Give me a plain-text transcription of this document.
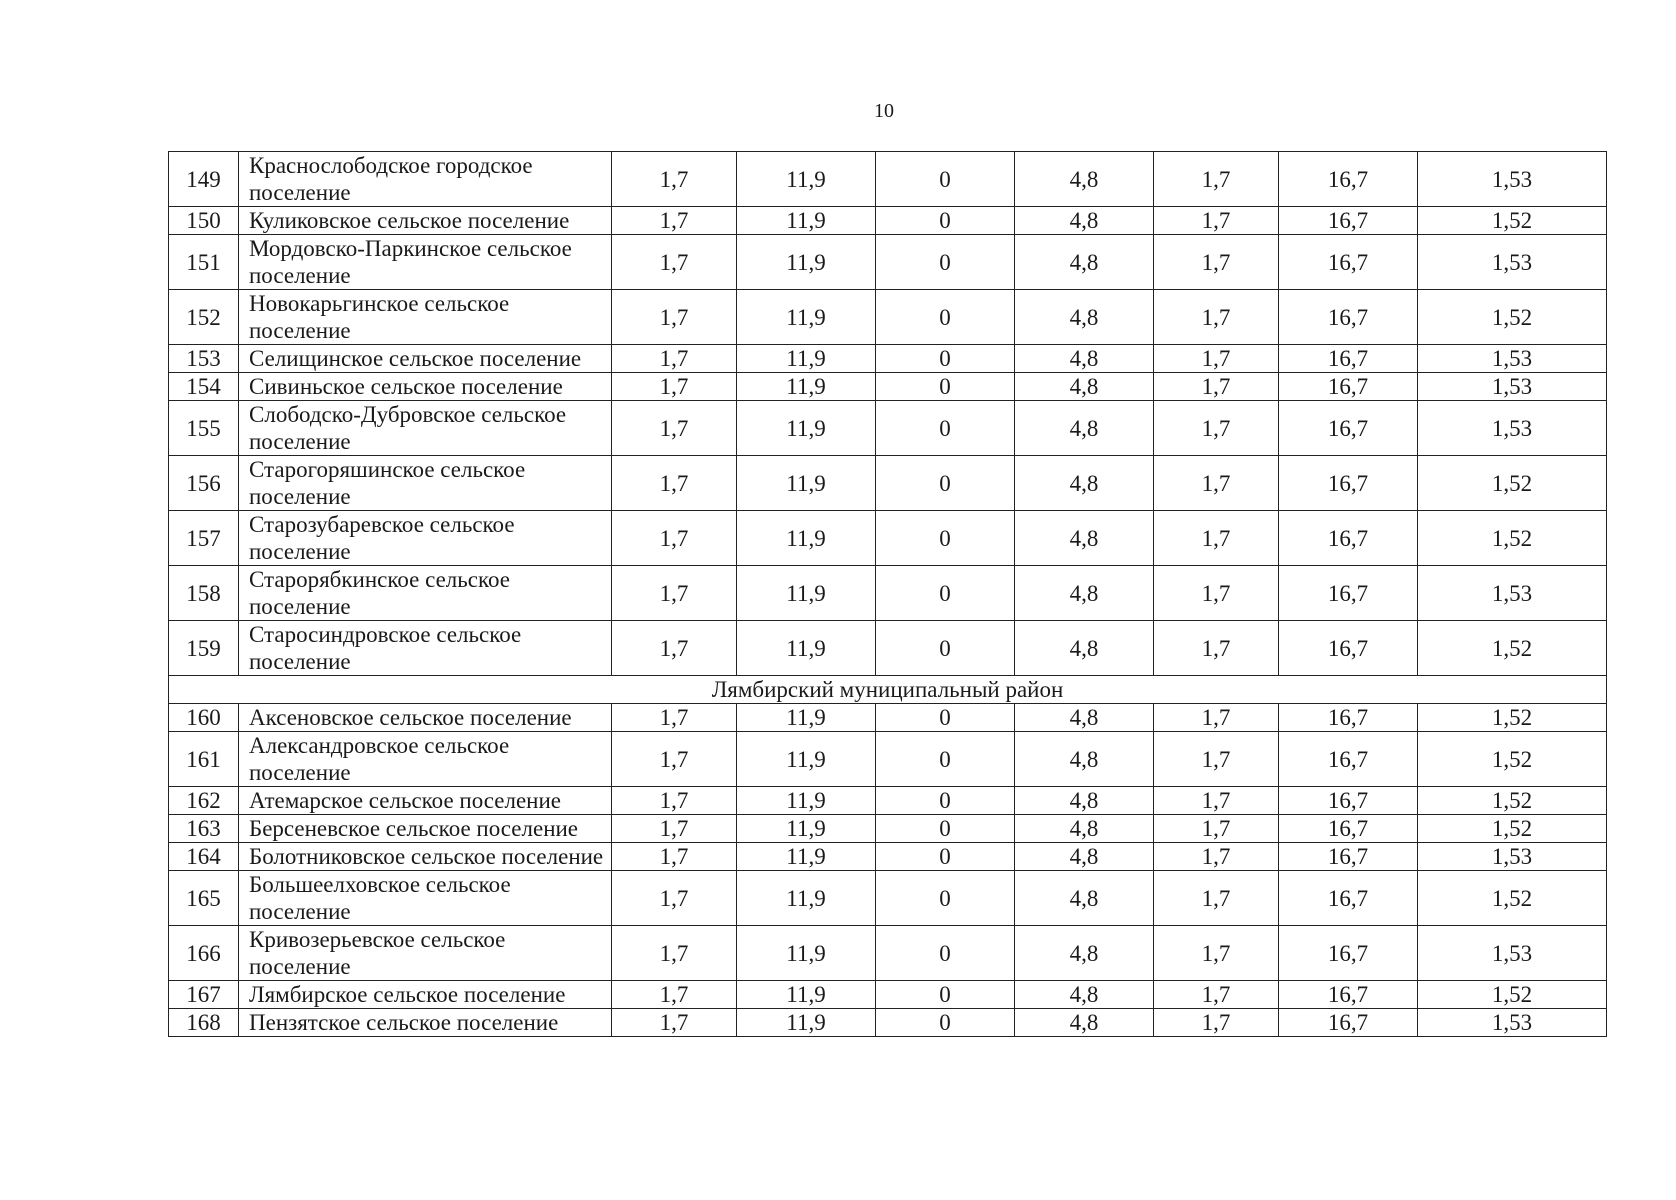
10
149	Краснослободское городское поселение	1,7	11,9	0	4,8	1,7	16,7	1,53
150	Куликовское сельское поселение	1,7	11,9	0	4,8	1,7	16,7	1,52
151	Мордовско-Паркинское сельское поселение	1,7	11,9	0	4,8	1,7	16,7	1,53
152	Новокарьгинское сельское поселение	1,7	11,9	0	4,8	1,7	16,7	1,52
153	Селищинское сельское поселение	1,7	11,9	0	4,8	1,7	16,7	1,53
154	Сивиньское сельское поселение	1,7	11,9	0	4,8	1,7	16,7	1,53
155	Слободско-Дубровское сельское поселение	1,7	11,9	0	4,8	1,7	16,7	1,53
156	Старогоряшинское сельское поселение	1,7	11,9	0	4,8	1,7	16,7	1,52
157	Старозубаревское сельское поселение	1,7	11,9	0	4,8	1,7	16,7	1,52
158	Старорябкинское сельское поселение	1,7	11,9	0	4,8	1,7	16,7	1,53
159	Старосиндровское сельское поселение	1,7	11,9	0	4,8	1,7	16,7	1,52
Лямбирский муниципальный район								
160	Аксеновское сельское поселение	1,7	11,9	0	4,8	1,7	16,7	1,52
161	Александровское сельское поселение	1,7	11,9	0	4,8	1,7	16,7	1,52
162	Атемарское сельское поселение	1,7	11,9	0	4,8	1,7	16,7	1,52
163	Берсеневское сельское поселение	1,7	11,9	0	4,8	1,7	16,7	1,52
164	Болотниковское сельское поселение	1,7	11,9	0	4,8	1,7	16,7	1,53
165	Большеелховское сельское поселение	1,7	11,9	0	4,8	1,7	16,7	1,52
166	Кривозерьевское сельское поселение	1,7	11,9	0	4,8	1,7	16,7	1,53
167	Лямбирское сельское поселение	1,7	11,9	0	4,8	1,7	16,7	1,52
168	Пензятское сельское поселение	1,7	11,9	0	4,8	1,7	16,7	1,53
